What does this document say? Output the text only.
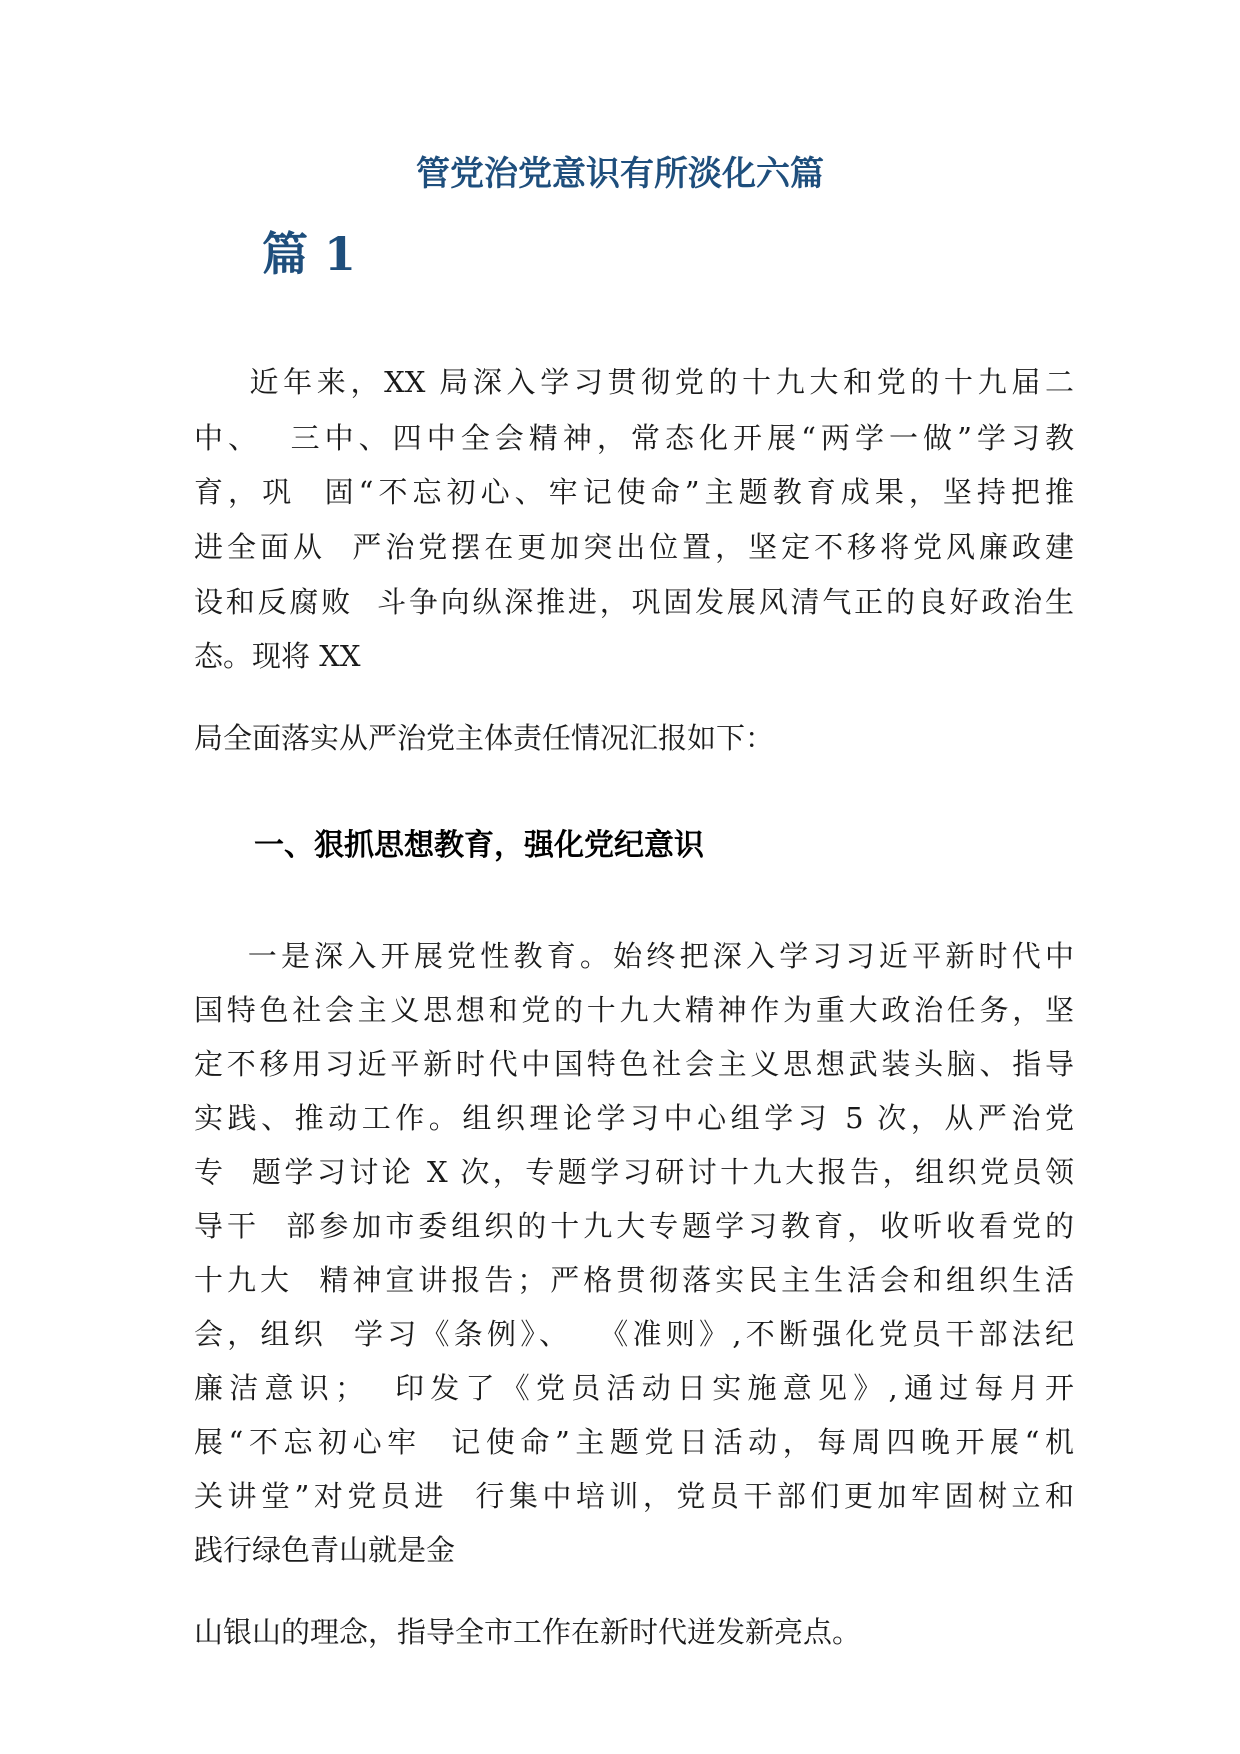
管党治党意识有所淡化六篇
篇 1

近年来，XX 局深入学习贯彻党的十九大和党的十九届二

中、  三中、四中全会精神，常态化开展“两学一做”学习教

育，巩  固“不忘初心、牢记使命”主题教育成果，坚持把推

进全面从  严治党摆在更加突出位置，坚定不移将党风廉政建

设和反腐败  斗争向纵深推进，巩固发展风清气正的良好政治生

态。现将 XX

局全面落实从严治党主体责任情况汇报如下：

一、狠抓思想教育，强化党纪意识

一是深入开展党性教育。始终把深入学习习近平新时代中

国特色社会主义思想和党的十九大精神作为重大政治任务，坚

定不移用习近平新时代中国特色社会主义思想武装头脑、指导

实践、推动工作。组织理论学习中心组学习 5 次，从严治党

专  题学习讨论 X 次，专题学习研讨十九大报告，组织党员领

导干  部参加市委组织的十九大专题学习教育，收听收看党的

十九大  精神宣讲报告；严格贯彻落实民主生活会和组织生活

会，组织  学习《条例》、  《准则》,不断强化党员干部法纪

廉洁意识；  印发了《党员活动日实施意见》,通过每月开

展“不忘初心牢  记使命”主题党日活动，每周四晚开展“机

关讲堂”对党员进  行集中培训，党员干部们更加牢固树立和

践行绿色青山就是金

山银山的理念，指导全市工作在新时代迸发新亮点。
